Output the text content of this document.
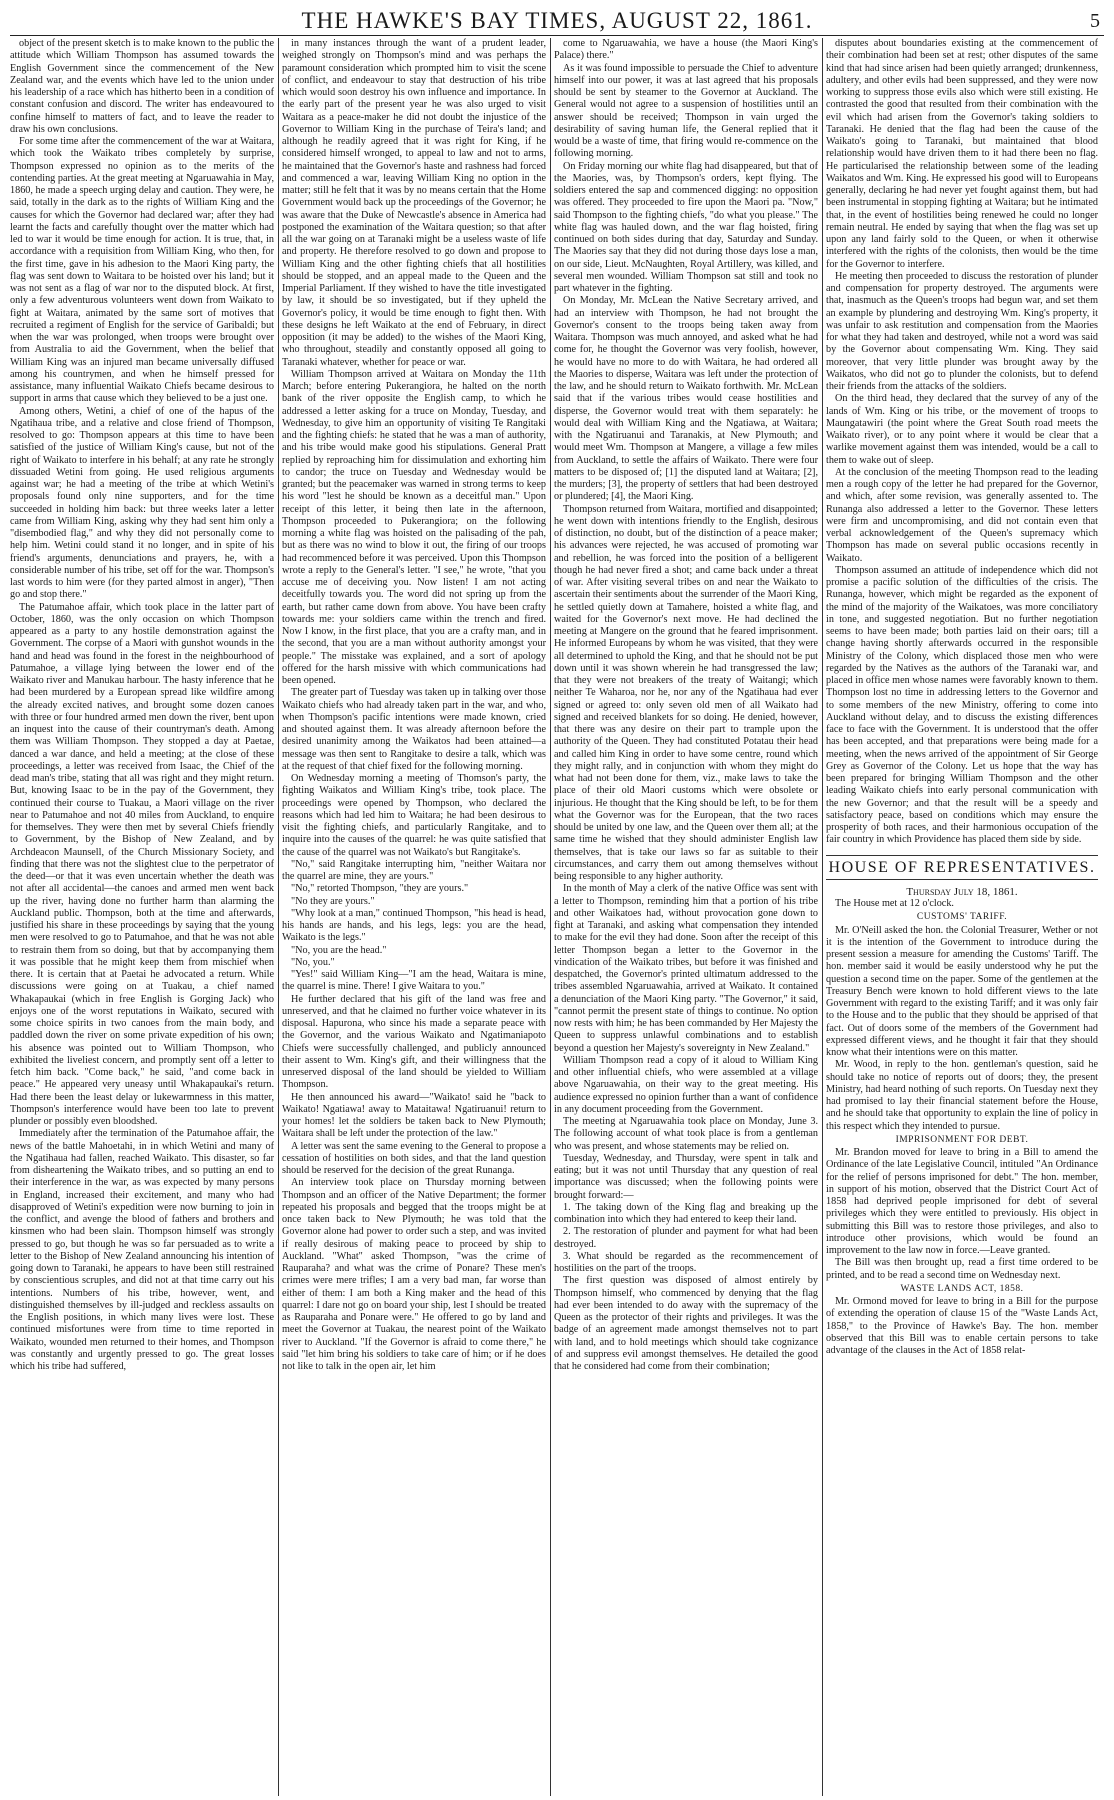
THE HAWKE'S BAY TIMES, AUGUST 22, 1861.	5

object of the present sketch is to make known to the public the attitude which William Thompson has assumed towards the English Government since the commencement of the New Zealand war, and the events which have led to the union under his leadership of a race which has hitherto been in a condition of constant confusion and discord. The writer has endeavoured to confine himself to matters of fact, and to leave the reader to draw his own conclusions.

For some time after the commencement of the war at Waitara, which took the Waikato tribes completely by surprise, Thompson expressed no opinion as to the merits of the contending parties. At the great meeting at Ngaruawahia in May, 1860, he made a speech urging delay and caution. They were, he said, totally in the dark as to the rights of William King and the causes for which the Governor had declared war; after they had learnt the facts and carefully thought over the matter which had led to war it would be time enough for action. It is true, that, in accordance with a requisition from William King, who then, for the first time, gave in his adhesion to the Maori King party, the flag was sent down to Waitara to be hoisted over his land; but it was not sent as a flag of war nor to the disputed block. At first, only a few adventurous volunteers went down from Waikato to fight at Waitara, animated by the same sort of motives that recruited a regiment of English for the service of Garibaldi; but when the war was prolonged, when troops were brought over from Australia to aid the Government, when the belief that William King was an injured man became universally diffused among his countrymen, and when he himself pressed for assistance, many influential Waikato Chiefs became desirous to support in arms that cause which they believed to be a just one.

Among others, Wetini, a chief of one of the hapus of the Ngatihaua tribe, and a relative and close friend of Thompson, resolved to go: Thompson appears at this time to have been satisfied of the justice of William King's cause, but not of the right of Waikato to interfere in his behalf; at any rate he strongly dissuaded Wetini from going. He used religious arguments against war; he had a meeting of the tribe at which Wetini's proposals found only nine supporters, and for the time succeeded in holding him back: but three weeks later a letter came from William King, asking why they had sent him only a "disembodied flag," and why they did not personally come to help him. Wetini could stand it no longer, and in spite of his friend's arguments, denunciations and prayers, he, with a considerable number of his tribe, set off for the war. Thompson's last words to him were (for they parted almost in anger), "Then go and stop there."

The Patumahoe affair, which took place in the latter part of October, 1860, was the only occasion on which Thompson appeared as a party to any hostile demonstration against the Government. The corpse of a Maori with gunshot wounds in the hand and head was found in the forest in the neighbourhood of Patumahoe, a village lying between the lower end of the Waikato river and Manukau harbour. The hasty inference that he had been murdered by a European spread like wildfire among the already excited natives, and brought some dozen canoes with three or four hundred armed men down the river, bent upon an inquest into the cause of their countryman's death. Among them was William Thompson. They stopped a day at Paetae, danced a war dance, and held a meeting; at the close of these proceedings, a letter was received from Isaac, the Chief of the dead man's tribe, stating that all was right and they might return. But, knowing Isaac to be in the pay of the Government, they continued their course to Tuakau, a Maori village on the river near to Patumahoe and not 40 miles from Auckland, to enquire for themselves. They were then met by several Chiefs friendly to Government, by the Bishop of New Zealand, and by Archdeacon Maunsell, of the Church Missionary Society, and finding that there was not the slightest clue to the perpetrator of the deed—or that it was even uncertain whether the death was not after all accidental—the canoes and armed men went back up the river, having done no further harm than alarming the Auckland public. Thompson, both at the time and afterwards, justified his share in these proceedings by saying that the young men were resolved to go to Patumahoe, and that he was not able to restrain them from so doing, but that by accompanying them it was possible that he might keep them from mischief when there. It is certain that at Paetai he advocated a return. While discussions were going on at Tuakau, a chief named Whakapaukai (which in free English is Gorging Jack) who enjoys one of the worst reputations in Waikato, secured with some choice spirits in two canoes from the main body, and paddled down the river on some private expedition of his own; his absence was pointed out to William Thompson, who exhibited the liveliest concern, and promptly sent off a letter to fetch him back. "Come back," he said, "and come back in peace." He appeared very uneasy until Whakapaukai's return. Had there been the least delay or lukewarmness in this matter, Thompson's interference would have been too late to prevent plunder or possibly even bloodshed.

Immediately after the termination of the Patumahoe affair, the news of the battle Mahoetahi, in in which Wetini and many of the Ngatihaua had fallen, reached Waikato. This disaster, so far from disheartening the Waikato tribes, and so putting an end to their interference in the war, as was expected by many persons in England, increased their excitement, and many who had disapproved of Wetini's expedition were now burning to join in the conflict, and avenge the blood of fathers and brothers and kinsmen who had been slain. Thompson himself was strongly pressed to go, but though he was so far persuaded as to write a letter to the Bishop of New Zealand announcing his intention of going down to Taranaki, he appears to have been still restrained by conscientious scruples, and did not at that time carry out his intentions. Numbers of his tribe, however, went, and distinguished themselves by ill-judged and reckless assaults on the English positions, in which many lives were lost. These continued misfortunes were from time to time reported in Waikato, wounded men returned to their homes, and Thompson was constantly and urgently pressed to go. The great losses which his tribe had suffered,

in many instances through the want of a prudent leader, weighed strongly on Thompson's mind and was perhaps the paramount consideration which prompted him to visit the scene of conflict, and endeavour to stay that destruction of his tribe which would soon destroy his own influence and importance. In the early part of the present year he was also urged to visit Waitara as a peace-maker he did not doubt the injustice of the Governor to William King in the purchase of Teira's land; and although he readily agreed that it was right for King, if he considered himself wronged, to appeal to law and not to arms, he maintained that the Governor's haste and rashness had forced and commenced a war, leaving William King no option in the matter; still he felt that it was by no means certain that the Home Government would back up the proceedings of the Governor; he was aware that the Duke of Newcastle's absence in America had postponed the examination of the Waitara question; so that after all the war going on at Taranaki might be a useless waste of life and property. He therefore resolved to go down and propose to William King and the other fighting chiefs that all hostilities should be stopped, and an appeal made to the Queen and the Imperial Parliament. If they wished to have the title investigated by law, it should be so investigated, but if they upheld the Governor's policy, it would be time enough to fight then. With these designs he left Waikato at the end of February, in direct opposition (it may be added) to the wishes of the Maori King, who throughout, steadily and constantly opposed all going to Taranaki whatever, whether for peace or war.

William Thompson arrived at Waitara on Monday the 11th March; before entering Pukerangiora, he halted on the north bank of the river opposite the English camp, to which he addressed a letter asking for a truce on Monday, Tuesday, and Wednesday, to give him an opportunity of visiting Te Rangitaki and the fighting chiefs: he stated that he was a man of authority, and his tribe would make good his stipulations. General Pratt replied by reproaching him for dissimulation and exhorting him to candor; the truce on Tuesday and Wednesday would be granted; but the peacemaker was warned in strong terms to keep his word "lest he should be known as a deceitful man." Upon receipt of this letter, it being then late in the afternoon, Thompson proceeded to Pukerangiora; on the following morning a white flag was hoisted on the palisading of the pah, but as there was no wind to blow it out, the firing of our troops had recommenced before it was perceived. Upon this Thompson wrote a reply to the General's letter. "I see," he wrote, "that you accuse me of deceiving you. Now listen! I am not acting deceitfully towards you. The word did not spring up from the earth, but rather came down from above. You have been crafty towards me: your soldiers came within the trench and fired. Now I know, in the first place, that you are a crafty man, and in the second, that you are a man without authority amongst your people." The misstake was explained, and a sort of apology offered for the harsh missive with which communications had been opened.

The greater part of Tuesday was taken up in talking over those Waikato chiefs who had already taken part in the war, and who, when Thompson's pacific intentions were made known, cried and shouted against them. It was already afternoon before the desired unanimity among the Waikatos had been attained—a message was then sent to Rangitake to desire a talk, which was at the request of that chief fixed for the following morning.

On Wednesday morning a meeting of Thomson's party, the fighting Waikatos and William King's tribe, took place. The proceedings were opened by Thompson, who declared the reasons which had led him to Waitara; he had been desirous to visit the fighting chiefs, and particularly Rangitake, and to inquire into the causes of the quarrel: he was quite satisfied that the cause of the quarrel was not Waikato's but Rangitake's.

"No," said Rangitake interrupting him, "neither Waitara nor the quarrel are mine, they are yours."

"No," retorted Thompson, "they are yours."

"No they are yours."

"Why look at a man," continued Thompson, "his head is head, his hands are hands, and his legs, legs: you are the head, Waikato is the legs."

"No, you are the head."

"No, you."

"Yes!" said William King—"I am the head, Waitara is mine, the quarrel is mine. There! I give Waitara to you."

He further declared that his gift of the land was free and unreserved, and that he claimed no further voice whatever in its disposal. Hapurona, who since his made a separate peace with the Governor, and the various Waikato and Ngatimaniapoto Chiefs were successfully challenged, and publicly announced their assent to Wm. King's gift, and their willingness that the unreserved disposal of the land should be yielded to William Thompson.

He then announced his award—"Waikato! said he "back to Waikato! Ngatiawa! away to Mataitawa! Ngatiruanui! return to your homes! let the soldiers be taken back to New Plymouth; Waitara shall be left under the protection of the law."

A letter was sent the same evening to the General to propose a cessation of hostilities on both sides, and that the land question should be reserved for the decision of the great Runanga.

An interview took place on Thursday morning between Thompson and an officer of the Native Department; the former repeated his proposals and begged that the troops might be at once taken back to New Plymouth; he was told that the Governor alone had power to order such a step, and was invited if really desirous of making peace to proceed by ship to Auckland. "What" asked Thompson, "was the crime of Rauparaha? and what was the crime of Ponare? These men's crimes were mere trifles; I am a very bad man, far worse than either of them: I am both a King maker and the head of this quarrel: I dare not go on board your ship, lest I should be treated as Rauparaha and Ponare were." He offered to go by land and meet the Governor at Tuakau, the nearest point of the Waikato river to Auckland. "If the Governor is afraid to come there," he said "let him bring his soldiers to take care of him; or if he does not like to talk in the open air, let him

come to Ngaruawahia, we have a house (the Maori King's Palace) there."

As it was found impossible to persuade the Chief to adventure himself into our power, it was at last agreed that his proposals should be sent by steamer to the Governor at Auckland. The General would not agree to a suspension of hostilities until an answer should be received; Thompson in vain urged the desirability of saving human life, the General replied that it would be a waste of time, that firing would re-commence on the following morning.

On Friday morning our white flag had disappeared, but that of the Maories, was, by Thompson's orders, kept flying. The soldiers entered the sap and commenced digging: no opposition was offered. They proceeded to fire upon the Maori pa. "Now," said Thompson to the fighting chiefs, "do what you please." The white flag was hauled down, and the war flag hoisted, firing continued on both sides during that day, Saturday and Sunday. The Maories say that they did not during those days lose a man, on our side, Lieut. McNaughten, Royal Artillery, was killed, and several men wounded. William Thompson sat still and took no part whatever in the fighting.

On Monday, Mr. McLean the Native Secretary arrived, and had an interview with Thompson, he had not brought the Governor's consent to the troops being taken away from Waitara. Thompson was much annoyed, and asked what he had come for, he thought the Governor was very foolish, however, he would have no more to do with Waitara, he had ordered all the Maories to disperse, Waitara was left under the protection of the law, and he should return to Waikato forthwith. Mr. McLean said that if the various tribes would cease hostilities and disperse, the Governor would treat with them separately: he would deal with William King and the Ngatiawa, at Waitara; with the Ngatiruanui and Taranakis, at New Plymouth; and would meet Wm. Thompson at Mangere, a village a few miles from Auckland, to settle the affairs of Waikato. There were four matters to be disposed of; [1] the disputed land at Waitara; [2], the murders; [3], the property of settlers that had been destroyed or plundered; [4], the Maori King.

Thompson returned from Waitara, mortified and disappointed; he went down with intentions friendly to the English, desirous of distinction, no doubt, but of the distinction of a peace maker; his advances were rejected, he was accused of promoting war and rebellion, he was forced into the position of a belligerent though he had never fired a shot; and came back under a threat of war. After visiting several tribes on and near the Waikato to ascertain their sentiments about the surrender of the Maori King, he settled quietly down at Tamahere, hoisted a white flag, and waited for the Governor's next move. He had declined the meeting at Mangere on the ground that he feared imprisonment. He informed Europeans by whom he was visited, that they were all determined to uphold the King, and that he should not be put down until it was shown wherein he had transgressed the law; that they were not breakers of the treaty of Waitangi; which neither Te Waharoa, nor he, nor any of the Ngatihaua had ever signed or agreed to: only seven old men of all Waikato had signed and received blankets for so doing. He denied, however, that there was any desire on their part to trample upon the authority of the Queen. They had constituted Potatau their head and called him King in order to have some centre, round which they might rally, and in conjunction with whom they might do what had not been done for them, viz., make laws to take the place of their old Maori customs which were obsolete or injurious. He thought that the King should be left, to be for them what the Governor was for the European, that the two races should be united by one law, and the Queen over them all; at the same time he wished that they should administer English law themselves, that is take our laws so far as suitable to their circumstances, and carry them out among themselves without being responsible to any higher authority.

In the month of May a clerk of the native Office was sent with a letter to Thompson, reminding him that a portion of his tribe and other Waikatoes had, without provocation gone down to fight at Taranaki, and asking what compensation they intended to make for the evil they had done. Soon after the receipt of this letter Thompson began a letter to the Governor in the vindication of the Waikato tribes, but before it was finished and despatched, the Governor's printed ultimatum addressed to the tribes assembled Ngaruawahia, arrived at Waikato. It contained a denunciation of the Maori King party. "The Governor," it said, "cannot permit the present state of things to continue. No option now rests with him; he has been commanded by Her Majesty the Queen to suppress unlawful combinations and to establish beyond a question her Majesty's sovereignty in New Zealand."

William Thompson read a copy of it aloud to William King and other influential chiefs, who were assembled at a village above Ngaruawahia, on their way to the great meeting. His audience expressed no opinion further than a want of confidence in any document proceeding from the Government.

The meeting at Ngaruawahia took place on Monday, June 3. The following account of what took place is from a gentleman who was present, and whose statements may be relied on.

Tuesday, Wednesday, and Thursday, were spent in talk and eating; but it was not until Thursday that any question of real importance was discussed; when the following points were brought forward:—

1. The taking down of the King flag and breaking up the combination into which they had entered to keep their land.

2. The restoration of plunder and payment for what had been destroyed.

3. What should be regarded as the recommencement of hostilities on the part of the troops.

The first question was disposed of almost entirely by Thompson himself, who commenced by denying that the flag had ever been intended to do away with the supremacy of the Queen as the protector of their rights and privileges. It was the badge of an agreement made amongst themselves not to part with land, and to hold meetings which should take cognizance of and suppress evil amongst themselves. He detailed the good that he considered had come from their combination;

disputes about boundaries existing at the commencement of their combination had been set at rest; other disputes of the same kind that had since arisen had been quietly arranged; drunkenness, adultery, and other evils had been suppressed, and they were now working to suppress those evils also which were still existing. He contrasted the good that resulted from their combination with the evil which had arisen from the Governor's taking soldiers to Taranaki. He denied that the flag had been the cause of the Waikato's going to Taranaki, but maintained that blood relationship would have driven them to it had there been no flag. He particularised the relationship between some of the leading Waikatos and Wm. King. He expressed his good will to Europeans generally, declaring he had never yet fought against them, but had been instrumental in stopping fighting at Waitara; but he intimated that, in the event of hostilities being renewed he could no longer remain neutral. He ended by saying that when the flag was set up upon any land fairly sold to the Queen, or when it otherwise interfered with the rights of the colonists, then would be the time for the Governor to interfere.

He meeting then proceeded to discuss the restoration of plunder and compensation for property destroyed. The arguments were that, inasmuch as the Queen's troops had begun war, and set them an example by plundering and destroying Wm. King's property, it was unfair to ask restitution and compensation from the Maories for what they had taken and destroyed, while not a word was said by the Governor about compensating Wm. King. They said moreover, that very little plunder was brought away by the Waikatos, who did not go to plunder the colonists, but to defend their friends from the attacks of the soldiers.

On the third head, they declared that the survey of any of the lands of Wm. King or his tribe, or the movement of troops to Maungatawiri (the point where the Great South road meets the Waikato river), or to any point where it would be clear that a warlike movement against them was intended, would be a call to them to wake out of sleep.

At the conclusion of the meeting Thompson read to the leading men a rough copy of the letter he had prepared for the Governor, and which, after some revision, was generally assented to. The Runanga also addressed a letter to the Governor. These letters were firm and uncompromising, and did not contain even that verbal acknowledgement of the Queen's supremacy which Thompson has made on several public occasions recently in Waikato.

Thompson assumed an attitude of independence which did not promise a pacific solution of the difficulties of the crisis. The Runanga, however, which might be regarded as the exponent of the mind of the majority of the Waikatoes, was more conciliatory in tone, and suggested negotiation. But no further negotiation seems to have been made; both parties laid on their oars; till a change having shortly afterwards occurred in the responsible Ministry of the Colony, which displaced those men who were regarded by the Natives as the authors of the Taranaki war, and placed in office men whose names were favorably known to them. Thompson lost no time in addressing letters to the Governor and to some members of the new Ministry, offering to come into Auckland without delay, and to discuss the existing differences face to face with the Government. It is understood that the offer has been accepted, and that preparations were being made for a meeting, when the news arrived of the appointment of Sir George Grey as Governor of the Colony. Let us hope that the way has been prepared for bringing William Thompson and the other leading Waikato chiefs into early personal communication with the new Governor; and that the result will be a speedy and satisfactory peace, based on conditions which may ensure the prosperity of both races, and their harmonious occupation of the fair country in which Providence has placed them side by side.

HOUSE OF REPRESENTATIVES.
Thursday July 18, 1861.

The House met at 12 o'clock.

CUSTOMS' TARIFF.

Mr. O'Neill asked the hon. the Colonial Treasurer, Wether or not it is the intention of the Government to introduce during the present session a measure for amending the Customs' Tariff. The hon. member said it would be easily understood why he put the question a second time on the paper. Some of the gentlemen at the Treasury Bench were known to hold different views to the late Government with regard to the existing Tariff; and it was only fair to the House and to the public that they should be apprised of that fact. Out of doors some of the members of the Government had expressed different views, and he thought it fair that they should know what their intentions were on this matter.

Mr. Wood, in reply to the hon. gentleman's question, said he should take no notice of reports out of doors; they, the present Ministry, had heard nothing of such reports. On Tuesday next they had promised to lay their financial statement before the House, and he should take that opportunity to explain the line of policy in this respect which they intended to pursue.

IMPRISONMENT FOR DEBT.

Mr. Brandon moved for leave to bring in a Bill to amend the Ordinance of the late Legislative Council, intituled "An Ordinance for the relief of persons imprisoned for debt." The hon. member, in support of his motion, observed that the District Court Act of 1858 had deprived people imprisoned for debt of several privileges which they were entitled to previously. His object in submitting this Bill was to restore those privileges, and also to introduce other provisions, which would be found an improvement to the law now in force.—Leave granted.

The Bill was then brought up, read a first time ordered to be printed, and to be read a second time on Wednesday next.

WASTE LANDS ACT, 1858.

Mr. Ormond moved for leave to bring in a Bill for the purpose of extending the operation of clause 15 of the "Waste Lands Act, 1858," to the Province of Hawke's Bay. The hon. member observed that this Bill was to enable certain persons to take advantage of the clauses in the Act of 1858 relat-
